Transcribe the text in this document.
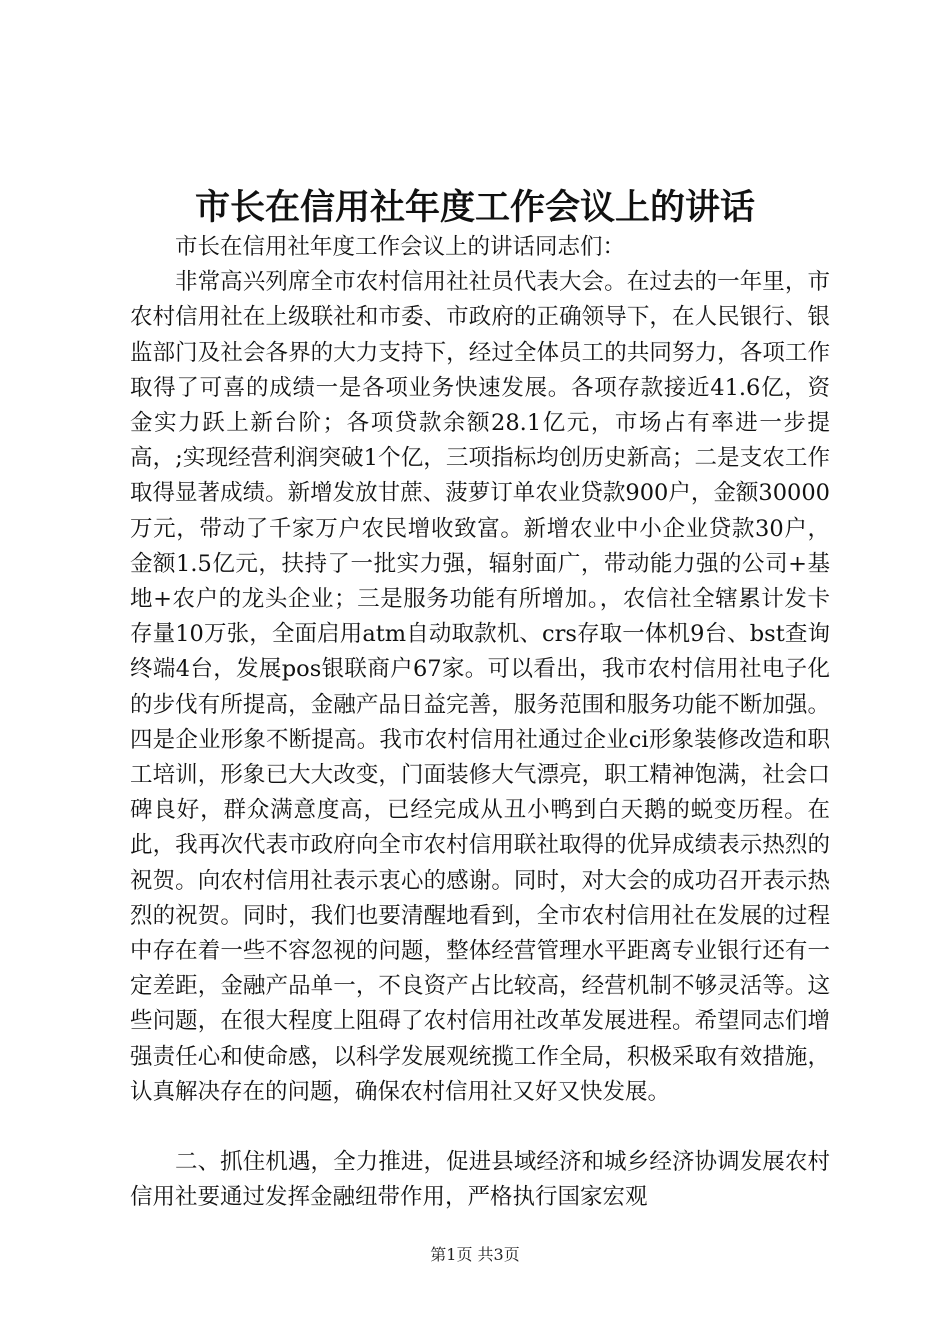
市长在信用社年度工作会议上的讲话

市长在信用社年度工作会议上的讲话同志们：

非常高兴列席全市农村信用社社员代表大会。在过去的一年里，市农村信用社在上级联社和市委、市政府的正确领导下，在人民银行、银监部门及社会各界的大力支持下，经过全体员工的共同努力，各项工作取得了可喜的成绩一是各项业务快速发展。各项存款接近41.6亿，资金实力跃上新台阶；各项贷款余额28.1亿元，市场占有率进一步提高，;实现经营利润突破1个亿，三项指标均创历史新高；二是支农工作取得显著成绩。新增发放甘蔗、菠萝订单农业贷款900户，金额30000万元，带动了千家万户农民增收致富。新增农业中小企业贷款30户，金额1.5亿元，扶持了一批实力强，辐射面广，带动能力强的公司+基地+农户的龙头企业；三是服务功能有所增加。，农信社全辖累计发卡存量10万张，全面启用atm自动取款机、crs存取一体机9台、bst查询终端4台，发展pos银联商户67家。可以看出，我市农村信用社电子化的步伐有所提高，金融产品日益完善，服务范围和服务功能不断加强。四是企业形象不断提高。我市农村信用社通过企业ci形象装修改造和职工培训，形象已大大改变，门面装修大气漂亮，职工精神饱满，社会口碑良好，群众满意度高，已经完成从丑小鸭到白天鹅的蜕变历程。在此，我再次代表市政府向全市农村信用联社取得的优异成绩表示热烈的祝贺。向农村信用社表示衷心的感谢。同时，对大会的成功召开表示热烈的祝贺。同时，我们也要清醒地看到，全市农村信用社在发展的过程中存在着一些不容忽视的问题，整体经营管理水平距离专业银行还有一定差距，金融产品单一，不良资产占比较高，经营机制不够灵活等。这些问题，在很大程度上阻碍了农村信用社改革发展进程。希望同志们增强责任心和使命感，以科学发展观统揽工作全局，积极采取有效措施，认真解决存在的问题，确保农村信用社又好又快发展。

二、抓住机遇，全力推进，促进县域经济和城乡经济协调发展农村信用社要通过发挥金融纽带作用，严格执行国家宏观

第1页 共3页
